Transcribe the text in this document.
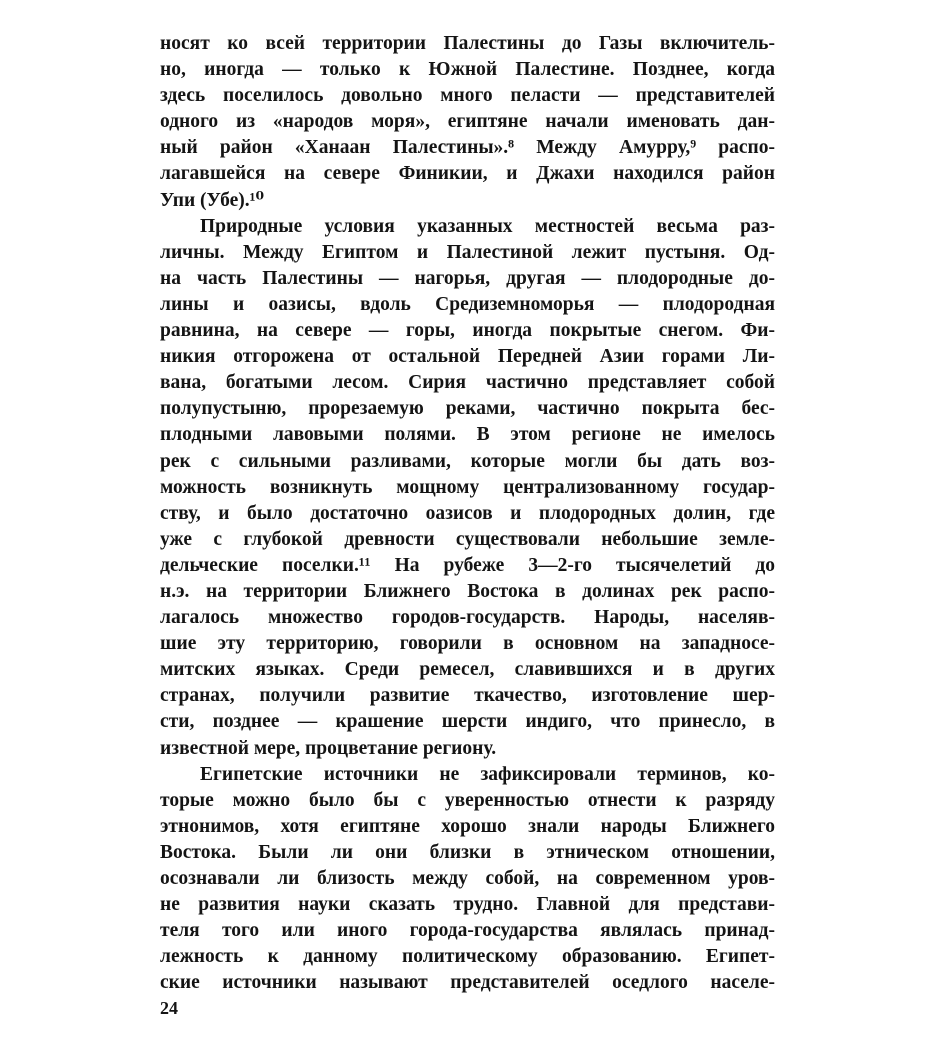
носят ко всей территории Палестины до Газы включитель-
но, иногда — только к Южной Палестине. Позднее, когда
здесь поселилось довольно много пеласти — представителей
одного из «народов моря», египтяне начали именовать дан-
ный район «Ханаан Палестины».⁸ Между Амурру,⁹ распо-
лагавшейся на севере Финикии, и Джахи находился район
Упи (Убе).¹⁰
Природные условия указанных местностей весьма раз-
личны. Между Египтом и Палестиной лежит пустыня. Од-
на часть Палестины — нагорья, другая — плодородные до-
лины и оазисы, вдоль Средиземноморья — плодородная
равнина, на севере — горы, иногда покрытые снегом. Фи-
никия отгорожена от остальной Передней Азии горами Ли-
вана, богатыми лесом. Сирия частично представляет собой
полупустыню, прорезаемую реками, частично покрыта бес-
плодными лавовыми полями. В этом регионе не имелось
рек с сильными разливами, которые могли бы дать воз-
можность возникнуть мощному централизованному государ-
ству, и было достаточно оазисов и плодородных долин, где
уже с глубокой древности существовали небольшие земле-
дельческие поселки.¹¹ На рубеже 3—2-го тысячелетий до
н.э. на территории Ближнего Востока в долинах рек распо-
лагалось множество городов-государств. Народы, населяв-
шие эту территорию, говорили в основном на западносе-
митских языках. Среди ремесел, славившихся и в других
странах, получили развитие ткачество, изготовление шер-
сти, позднее — крашение шерсти индиго, что принесло, в
известной мере, процветание региону.
Египетские источники не зафиксировали терминов, ко-
торые можно было бы с уверенностью отнести к разряду
этнонимов, хотя египтяне хорошо знали народы Ближнего
Востока. Были ли они близки в этническом отношении,
осознавали ли близость между собой, на современном уров-
не развития науки сказать трудно. Главной для представи-
теля того или иного города-государства являлась принад-
лежность к данному политическому образованию. Египет-
ские источники называют представителей оседлого населе-
24
